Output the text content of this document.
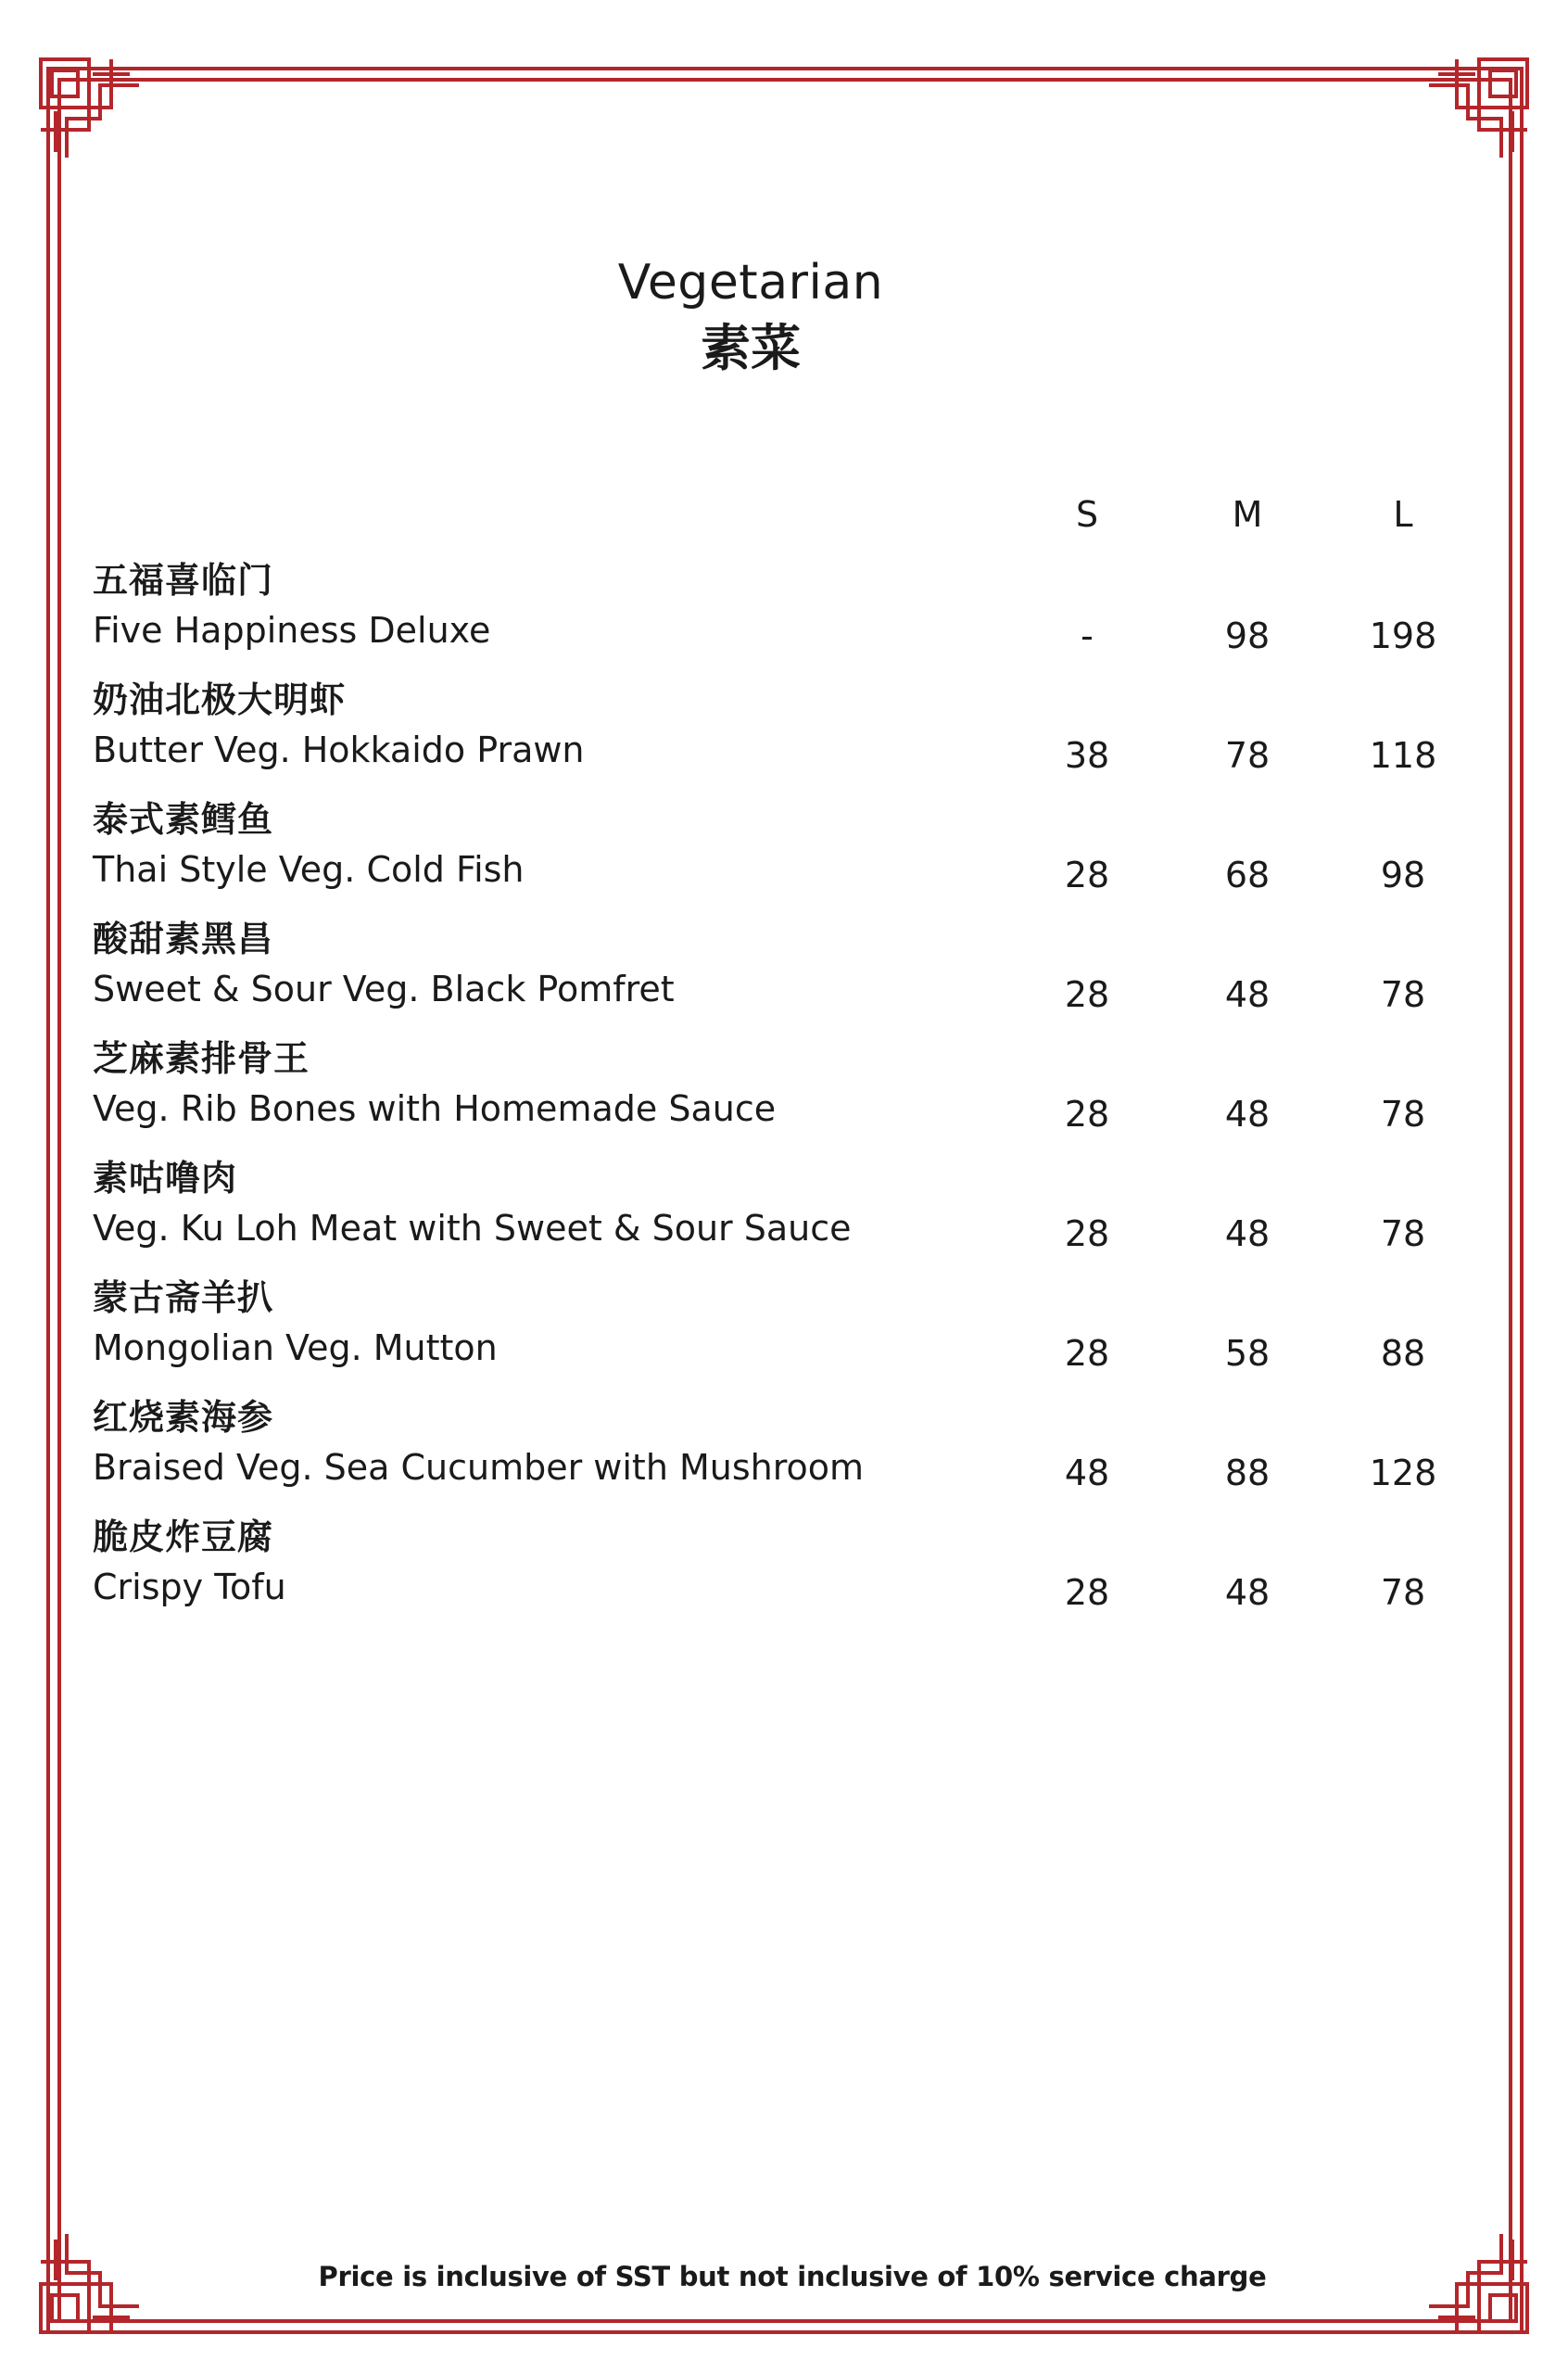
Vegetarian
素菜
S	M	L
五福喜临门
Five Happiness Deluxe	-	98	198
奶油北极大明虾
Butter Veg. Hokkaido Prawn	38	78	118
泰式素鳕鱼
Thai Style Veg. Cold Fish	28	68	98
酸甜素黑昌
Sweet & Sour Veg. Black Pomfret	28	48	78
芝麻素排骨王
Veg. Rib Bones with Homemade Sauce	28	48	78
素咕噜肉
Veg. Ku Loh Meat with Sweet & Sour Sauce	28	48	78
蒙古斋羊扒
Mongolian Veg. Mutton	28	58	88
红烧素海参
Braised Veg. Sea Cucumber with Mushroom	48	88	128
脆皮炸豆腐
Crispy Tofu	28	48	78
Price is inclusive of SST but not inclusive of 10% service charge
